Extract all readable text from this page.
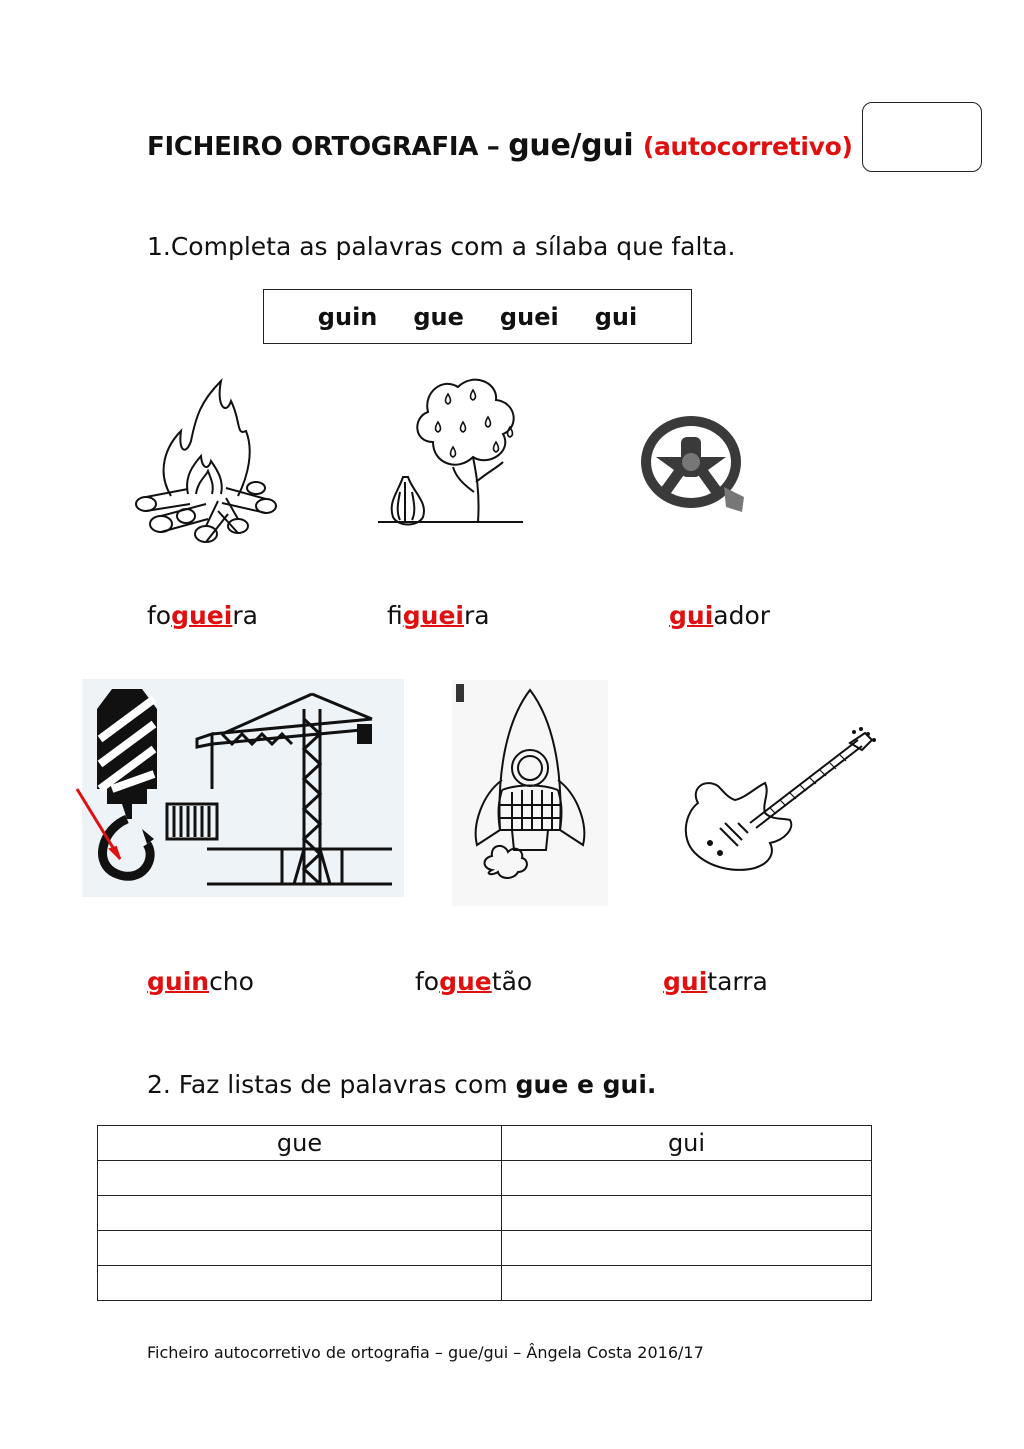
FICHEIRO ORTOGRAFIA – gue/gui (autocorretivo)
1.Completa as palavras com a sílaba que falta.
guin gue guei gui
fogueira	figueira	guiador
guincho	foguetão	guitarra
2. Faz listas de palavras com gue e gui.
gue	gui

Ficheiro autocorretivo de ortografia – gue/gui – Ângela Costa 2016/17
